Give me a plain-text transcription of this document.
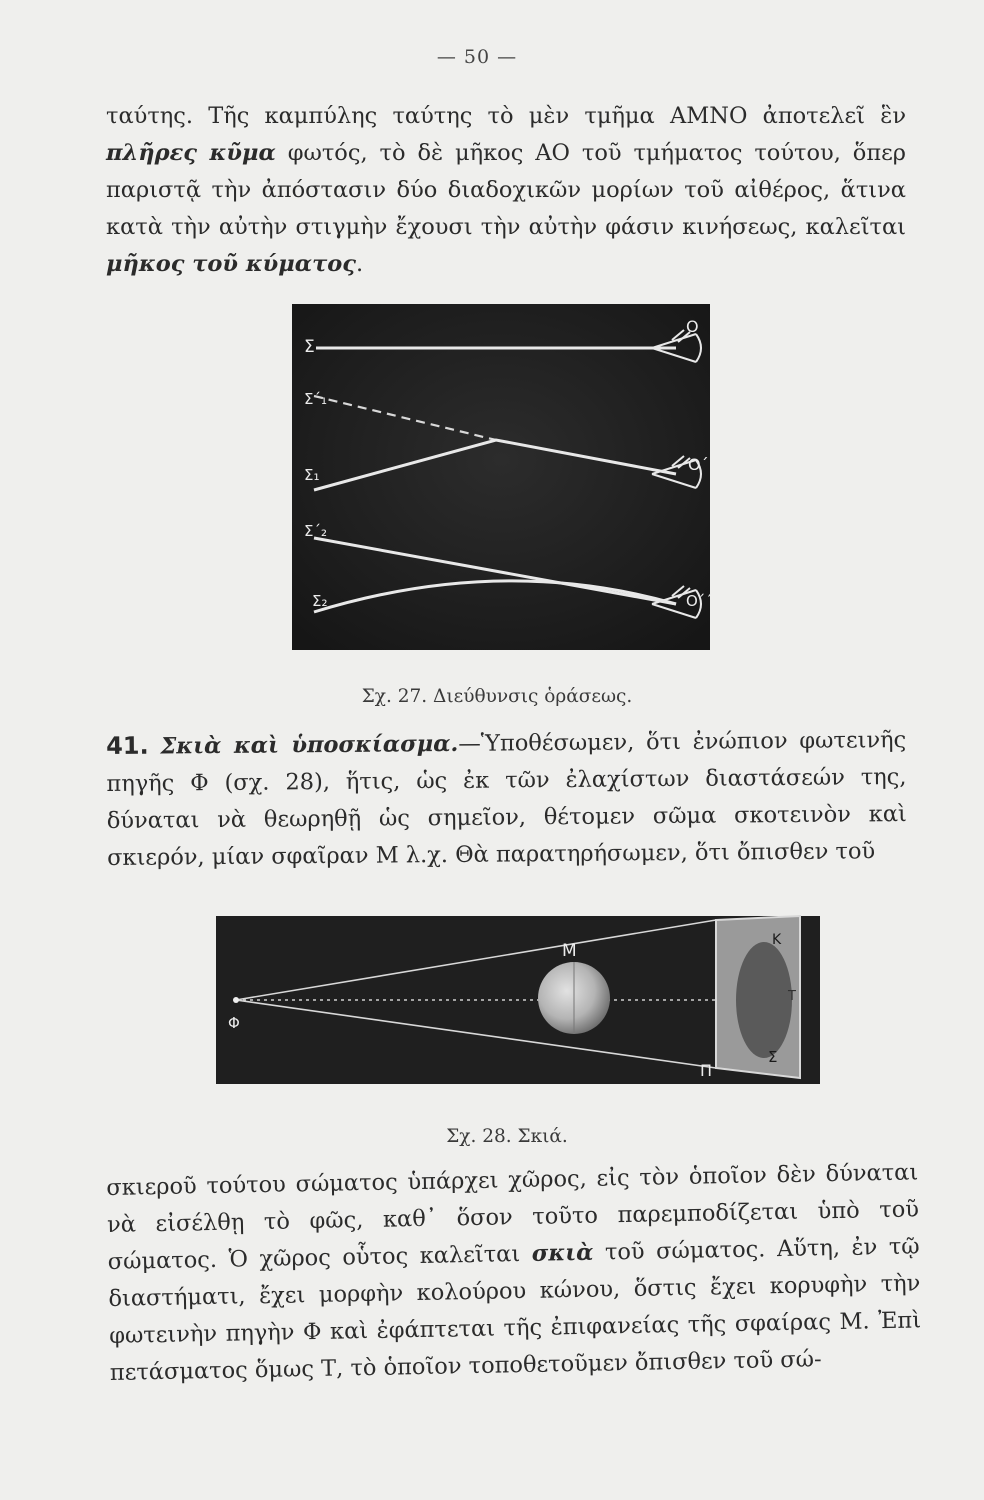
— 50 —

ταύτης. Τῆς καμπύλης ταύτης τὸ μὲν τμῆμα ΑΜΝΟ ἀποτελεῖ ἓν πλῆρες κῦμα φωτός, τὸ δὲ μῆκος ΑΟ τοῦ τμήματος τούτου, ὅπερ παριστᾷ τὴν ἀπόστασιν δύο διαδοχικῶν μορίων τοῦ αἰθέρος, ἅτινα κατὰ τὴν αὐτὴν στιγμὴν ἔχουσι τὴν αὐτὴν φάσιν κινήσεως, καλεῖται μῆκος τοῦ κύματος.

Σ
Σ΄₁
Σ₁
Σ΄₂
Σ₂
Ο
Ο΄
Ο΄΄
Σχ. 27. Διεύθυνσις ὁράσεως.

41. Σκιὰ καὶ ὑποσκίασμα.—Ὑποθέσωμεν, ὅτι ἐνώπιον φωτεινῆς πηγῆς Φ (σχ. 28), ἥτις, ὡς ἐκ τῶν ἐλαχίστων διαστάσεών της, δύναται νὰ θεωρηθῇ ὡς σημεῖον, θέτομεν σῶμα σκοτεινὸν καὶ σκιερόν, μίαν σφαῖραν Μ λ.χ. Θὰ παρατηρήσωμεν, ὅτι ὄπισθεν τοῦ

Φ
Μ
Κ
Π
Σ
Τ
Σχ. 28. Σκιά.

σκιεροῦ τούτου σώματος ὑπάρχει χῶρος, εἰς τὸν ὁποῖον δὲν δύναται νὰ εἰσέλθῃ τὸ φῶς, καθ᾽ ὅσον τοῦτο παρεμποδίζεται ὑπὸ τοῦ σώματος. Ὁ χῶρος οὗτος καλεῖται σκιὰ τοῦ σώματος. Αὕτη, ἐν τῷ διαστήματι, ἔχει μορφὴν κολούρου κώνου, ὅστις ἔχει κορυφὴν τὴν φωτεινὴν πηγὴν Φ καὶ ἐφάπτεται τῆς ἐπιφανείας τῆς σφαίρας Μ. Ἐπὶ πετάσματος ὅμως Τ, τὸ ὁποῖον τοποθετοῦμεν ὄπισθεν τοῦ σώ-
